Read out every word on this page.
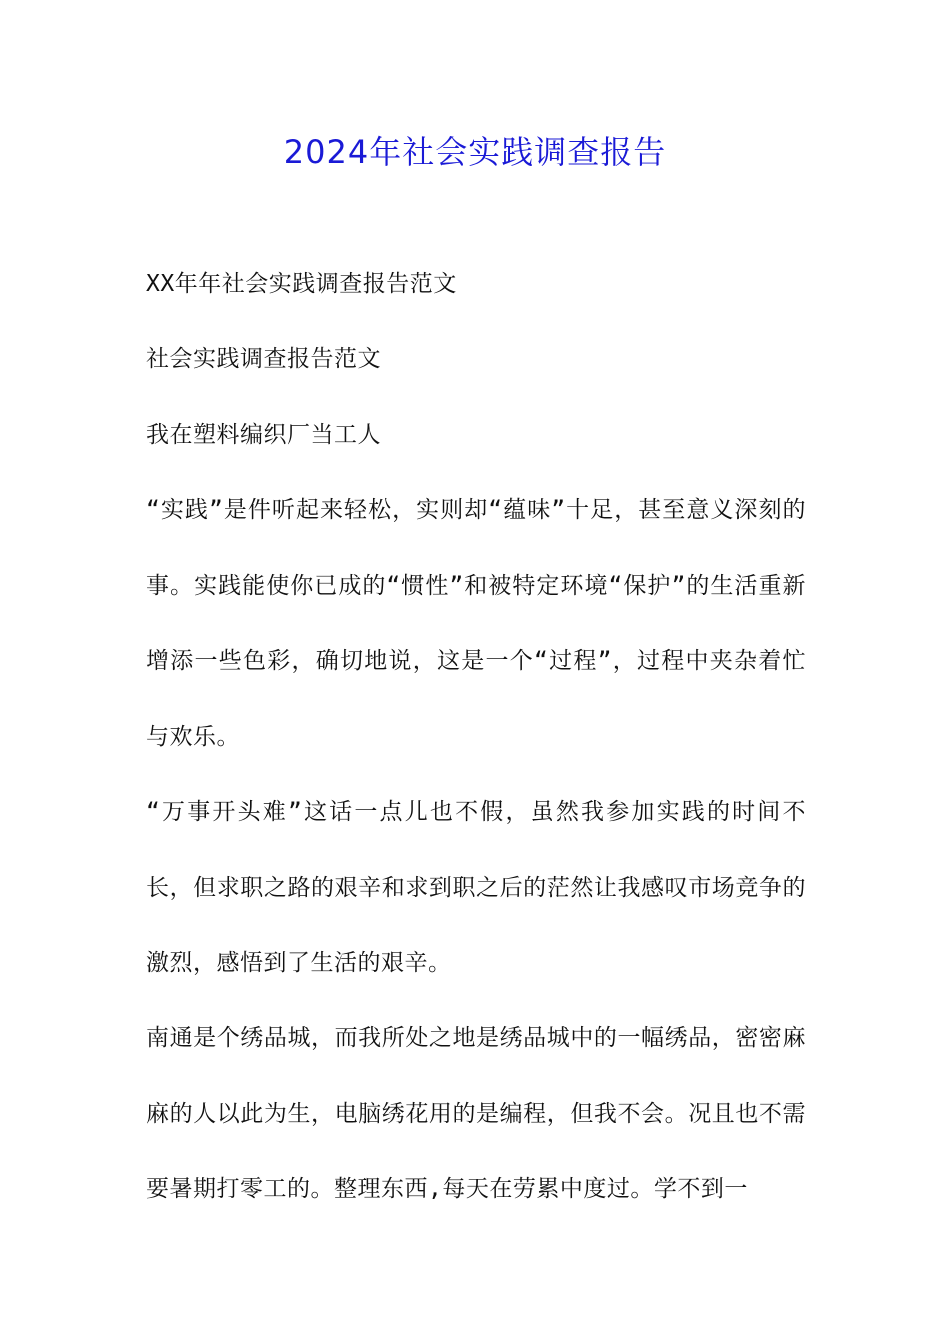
2024年社会实践调查报告

XX年年社会实践调查报告范文

社会实践调查报告范文

我在塑料编织厂当工人

“实践”是件听起来轻松，实则却“蕴味”十足，甚至意义深刻的事。实践能使你已成的“惯性”和被特定环境“保护”的生活重新增添一些色彩，确切地说，这是一个“过程”，过程中夹杂着忙与欢乐。

“万事开头难”这话一点儿也不假，虽然我参加实践的时间不长，但求职之路的艰辛和求到职之后的茫然让我感叹市场竞争的激烈，感悟到了生活的艰辛。

南通是个绣品城，而我所处之地是绣品城中的一幅绣品，密密麻麻的人以此为生，电脑绣花用的是编程，但我不会。况且也不需要暑期打零工的。整理东西,每天在劳累中度过。学不到一
